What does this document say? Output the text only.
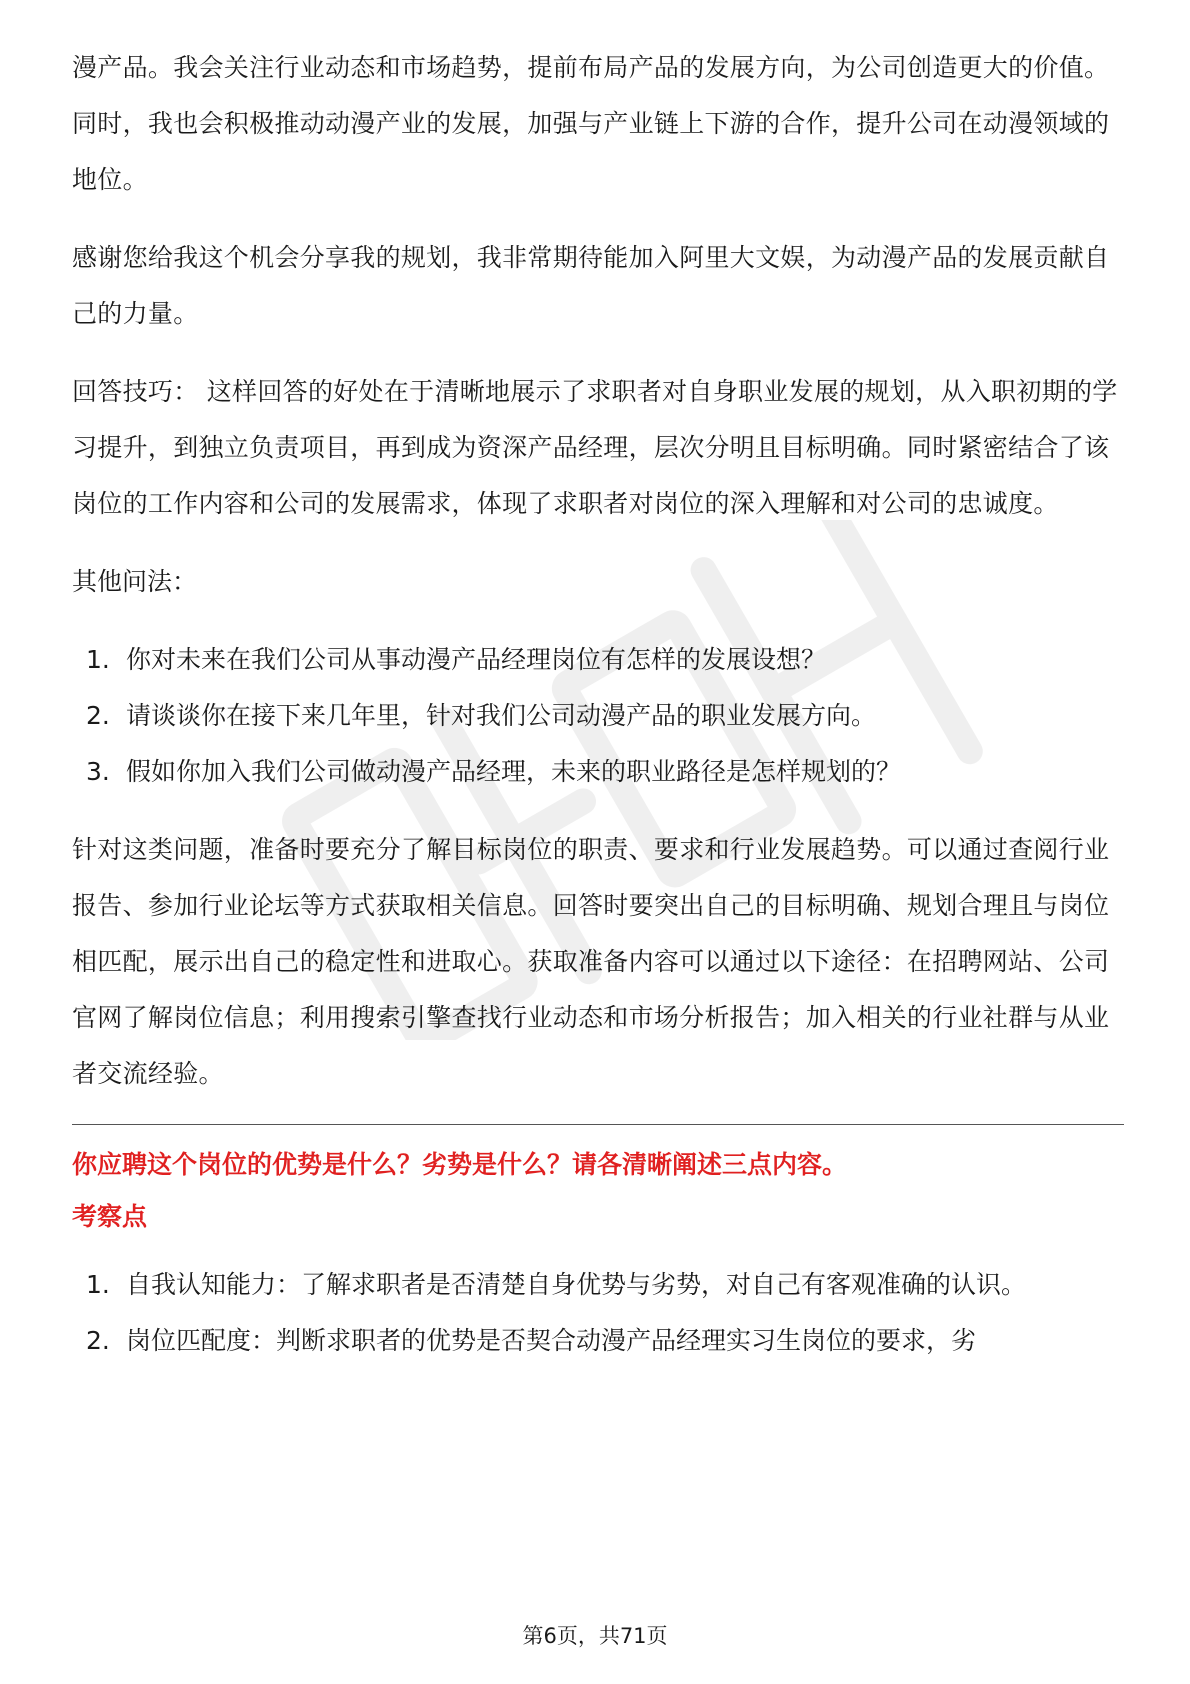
漫产品。我会关注行业动态和市场趋势，提前布局产品的发展方向，为公司创造更大的价值。同时，我也会积极推动动漫产业的发展，加强与产业链上下游的合作，提升公司在动漫领域的地位。

感谢您给我这个机会分享我的规划，我非常期待能加入阿里大文娱，为动漫产品的发展贡献自己的力量。

回答技巧： 这样回答的好处在于清晰地展示了求职者对自身职业发展的规划，从入职初期的学习提升，到独立负责项目，再到成为资深产品经理，层次分明且目标明确。同时紧密结合了该岗位的工作内容和公司的发展需求，体现了求职者对岗位的深入理解和对公司的忠诚度。

其他问法：

1. 你对未来在我们公司从事动漫产品经理岗位有怎样的发展设想？
2. 请谈谈你在接下来几年里，针对我们公司动漫产品的职业发展方向。
3. 假如你加入我们公司做动漫产品经理，未来的职业路径是怎样规划的？

针对这类问题，准备时要充分了解目标岗位的职责、要求和行业发展趋势。可以通过查阅行业报告、参加行业论坛等方式获取相关信息。回答时要突出自己的目标明确、规划合理且与岗位相匹配，展示出自己的稳定性和进取心。获取准备内容可以通过以下途径：在招聘网站、公司官网了解岗位信息；利用搜索引擎查找行业动态和市场分析报告；加入相关的行业社群与从业者交流经验。

你应聘这个岗位的优势是什么？劣势是什么？请各清晰阐述三点内容。

考察点

1. 自我认知能力：了解求职者是否清楚自身优势与劣势，对自己有客观准确的认识。
2. 岗位匹配度：判断求职者的优势是否契合动漫产品经理实习生岗位的要求，劣
第6页，共71页
